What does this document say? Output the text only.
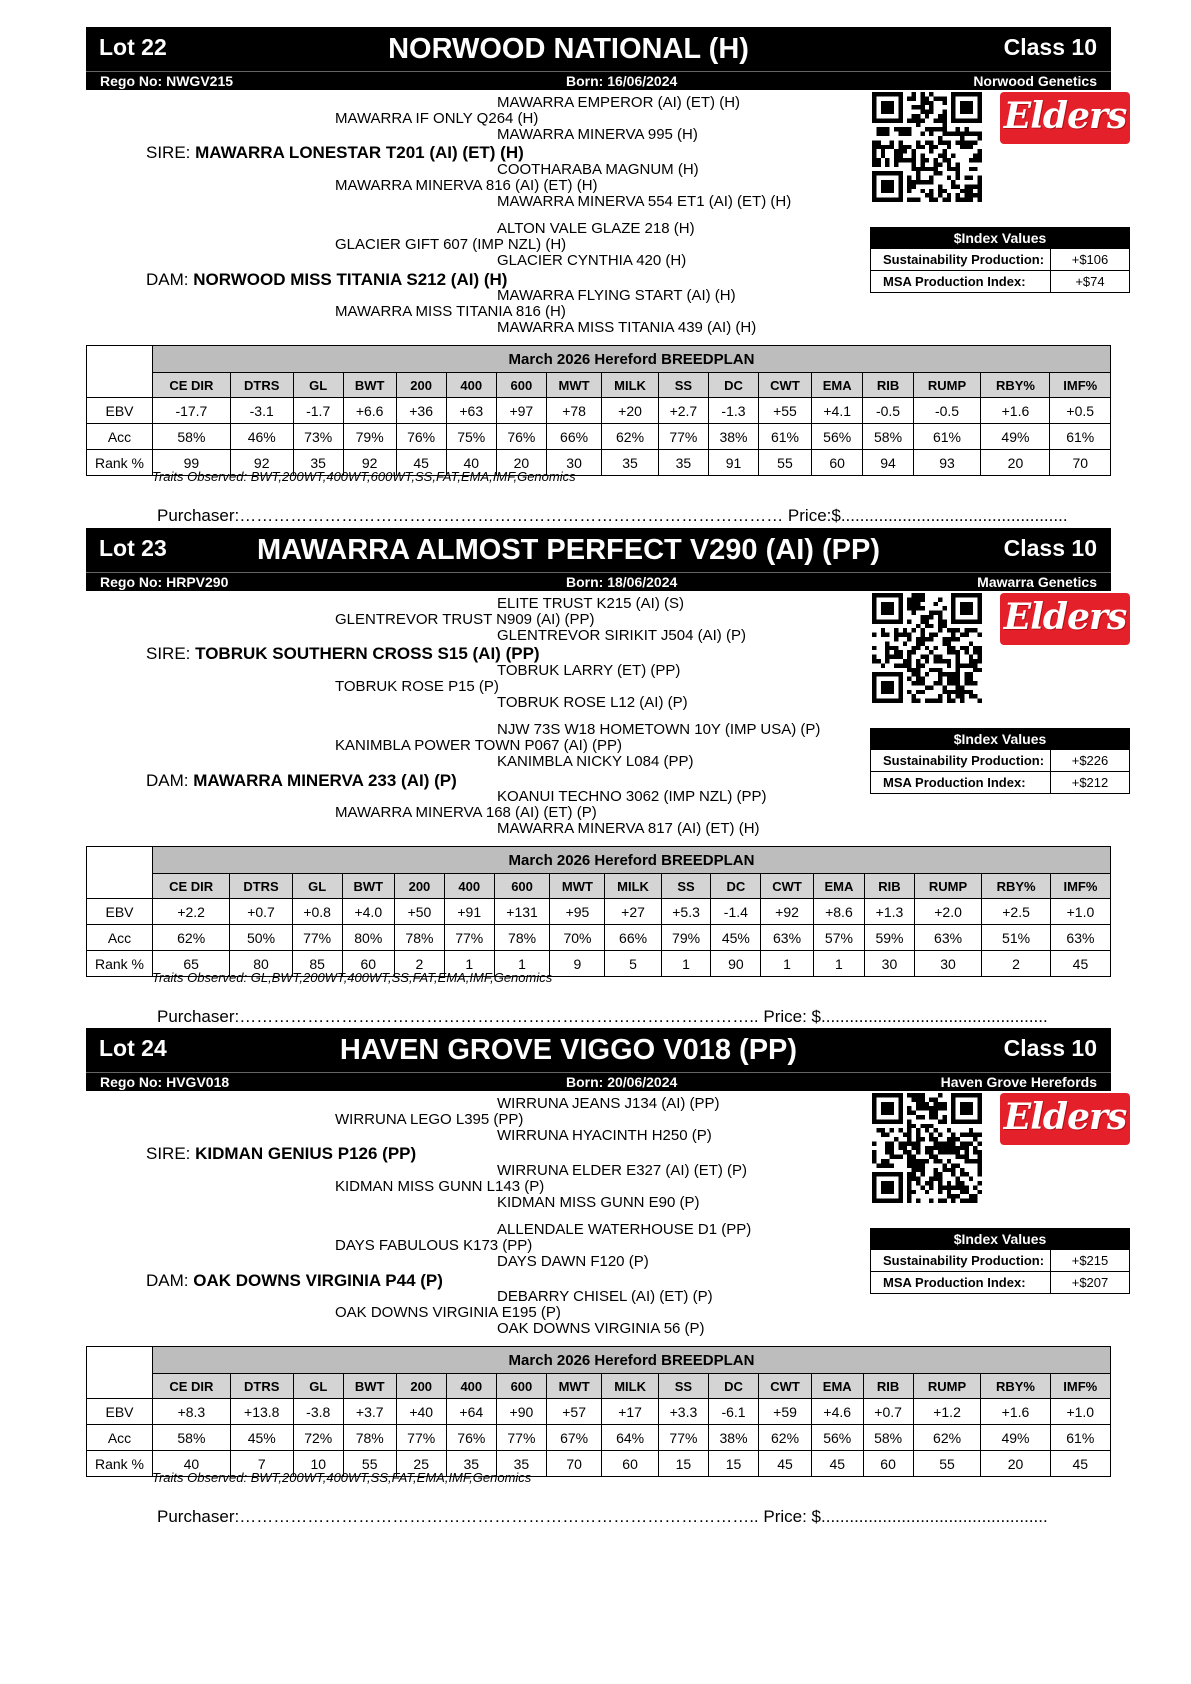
Lot 22	NORWOOD NATIONAL (H)	Class 10
Rego No: NWGV215	Born: 16/06/2024	Norwood Genetics
MAWARRA EMPEROR (AI) (ET) (H)
MAWARRA IF ONLY Q264 (H)
MAWARRA MINERVA 995 (H)
COOTHARABA MAGNUM (H)
MAWARRA MINERVA 816 (AI) (ET) (H)
MAWARRA MINERVA 554 ET1 (AI) (ET) (H)
ALTON VALE GLAZE 218 (H)
GLACIER GIFT 607 (IMP NZL) (H)
GLACIER CYNTHIA 420 (H)
MAWARRA FLYING START (AI) (H)
MAWARRA MISS TITANIA 816 (H)
MAWARRA MISS TITANIA 439 (AI) (H)
SIRE: MAWARRA LONESTAR T201 (AI) (ET) (H)
DAM: NORWOOD MISS TITANIA S212 (AI) (H)
Elders
$Index Values
Sustainability Production:	+$106
MSA Production Index:	+$74
	March 2026 Hereford BREEDPLAN																
	CE DIR	DTRS	GL	BWT	200	400	600	MWT	MILK	SS	DC	CWT	EMA	RIB	RUMP	RBY%	IMF%
EBV	-17.7	-3.1	-1.7	+6.6	+36	+63	+97	+78	+20	+2.7	-1.3	+55	+4.1	-0.5	-0.5	+1.6	+0.5
Acc	58%	46%	73%	79%	76%	75%	76%	66%	62%	77%	38%	61%	56%	58%	61%	49%	61%
Rank %	99	92	35	92	45	40	20	30	35	35	91	55	60	94	93	20	70
Traits Observed: BWT,200WT,400WT,600WT,SS,FAT,EMA,IMF,Genomics
Purchaser:…………………………………………………………………………………… Price:$................................................
Lot 23	MAWARRA ALMOST PERFECT V290 (AI) (PP)	Class 10
Rego No: HRPV290	Born: 18/06/2024	Mawarra Genetics
ELITE TRUST K215 (AI) (S)
GLENTREVOR TRUST N909 (AI) (PP)
GLENTREVOR SIRIKIT J504 (AI) (P)
TOBRUK LARRY (ET) (PP)
TOBRUK ROSE P15 (P)
TOBRUK ROSE L12 (AI) (P)
NJW 73S W18 HOMETOWN 10Y (IMP USA) (P)
KANIMBLA POWER TOWN P067 (AI) (PP)
KANIMBLA NICKY L084 (PP)
KOANUI TECHNO 3062 (IMP NZL) (PP)
MAWARRA MINERVA 168 (AI) (ET) (P)
MAWARRA MINERVA 817 (AI) (ET) (H)
SIRE: TOBRUK SOUTHERN CROSS S15 (AI) (PP)
DAM: MAWARRA MINERVA 233 (AI) (P)
Elders
$Index Values
Sustainability Production:	+$226
MSA Production Index:	+$212
	March 2026 Hereford BREEDPLAN																
	CE DIR	DTRS	GL	BWT	200	400	600	MWT	MILK	SS	DC	CWT	EMA	RIB	RUMP	RBY%	IMF%
EBV	+2.2	+0.7	+0.8	+4.0	+50	+91	+131	+95	+27	+5.3	-1.4	+92	+8.6	+1.3	+2.0	+2.5	+1.0
Acc	62%	50%	77%	80%	78%	77%	78%	70%	66%	79%	45%	63%	57%	59%	63%	51%	63%
Rank %	65	80	85	60	2	1	1	9	5	1	90	1	1	30	30	2	45
Traits Observed: GL,BWT,200WT,400WT,SS,FAT,EMA,IMF,Genomics
Purchaser:……………………………………………………………………………….. Price: $................................................
Lot 24	HAVEN GROVE VIGGO V018 (PP)	Class 10
Rego No: HVGV018	Born: 20/06/2024	Haven Grove Herefords
WIRRUNA JEANS J134 (AI) (PP)
WIRRUNA LEGO L395 (PP)
WIRRUNA HYACINTH H250 (P)
WIRRUNA ELDER E327 (AI) (ET) (P)
KIDMAN MISS GUNN L143 (P)
KIDMAN MISS GUNN E90 (P)
ALLENDALE WATERHOUSE D1 (PP)
DAYS FABULOUS K173 (PP)
DAYS DAWN F120 (P)
DEBARRY CHISEL (AI) (ET) (P)
OAK DOWNS VIRGINIA E195 (P)
OAK DOWNS VIRGINIA 56 (P)
SIRE: KIDMAN GENIUS P126 (PP)
DAM: OAK DOWNS VIRGINIA P44 (P)
Elders
$Index Values
Sustainability Production:	+$215
MSA Production Index:	+$207
	March 2026 Hereford BREEDPLAN																
	CE DIR	DTRS	GL	BWT	200	400	600	MWT	MILK	SS	DC	CWT	EMA	RIB	RUMP	RBY%	IMF%
EBV	+8.3	+13.8	-3.8	+3.7	+40	+64	+90	+57	+17	+3.3	-6.1	+59	+4.6	+0.7	+1.2	+1.6	+1.0
Acc	58%	45%	72%	78%	77%	76%	77%	67%	64%	77%	38%	62%	56%	58%	62%	49%	61%
Rank %	40	7	10	55	25	35	35	70	60	15	15	45	45	60	55	20	45
Traits Observed: BWT,200WT,400WT,SS,FAT,EMA,IMF,Genomics
Purchaser:……………………………………………………………………………….. Price: $................................................
